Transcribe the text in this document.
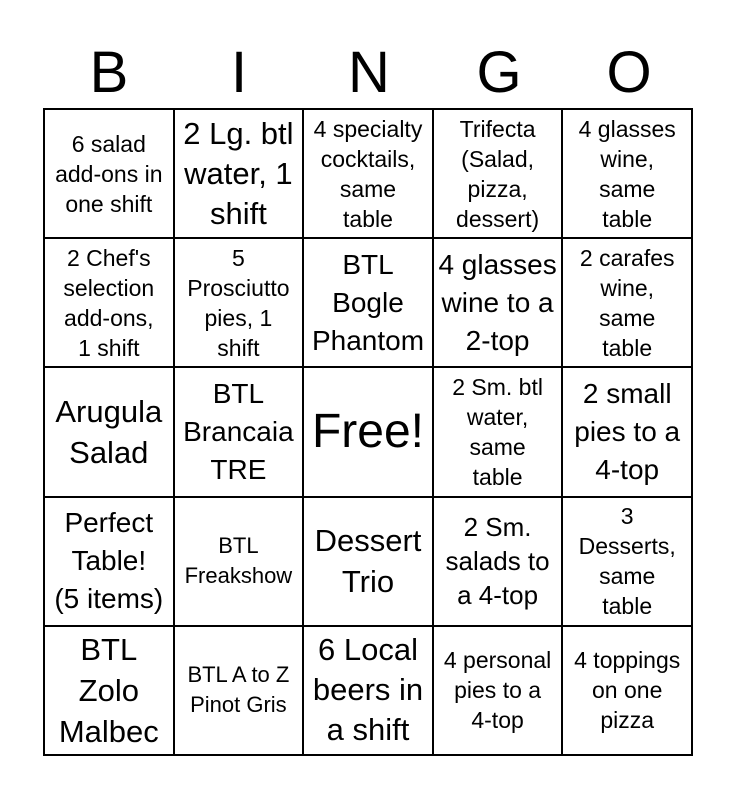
B	I	N	G	O
6 salad
add-ons in
one shift
2 Lg. btl
water, 1
shift
4 specialty
cocktails,
same
table
Trifecta
(Salad,
pizza,
dessert)
4 glasses
wine,
same
table
2 Chef's
selection
add-ons,
1 shift
5
Prosciutto
pies, 1
shift
BTL
Bogle
Phantom
4 glasses
wine to a
2-top
2 carafes
wine,
same
table
Arugula
Salad
BTL
Brancaia
TRE
Free!
2 Sm. btl
water,
same
table
2 small
pies to a
4-top
Perfect
Table!
(5 items)
BTL
Freakshow
Dessert
Trio
2 Sm.
salads to
a 4-top
3
Desserts,
same
table
BTL
Zolo
Malbec
BTL A to Z
Pinot Gris
6 Local
beers in
a shift
4 personal
pies to a
4-top
4 toppings
on one
pizza
